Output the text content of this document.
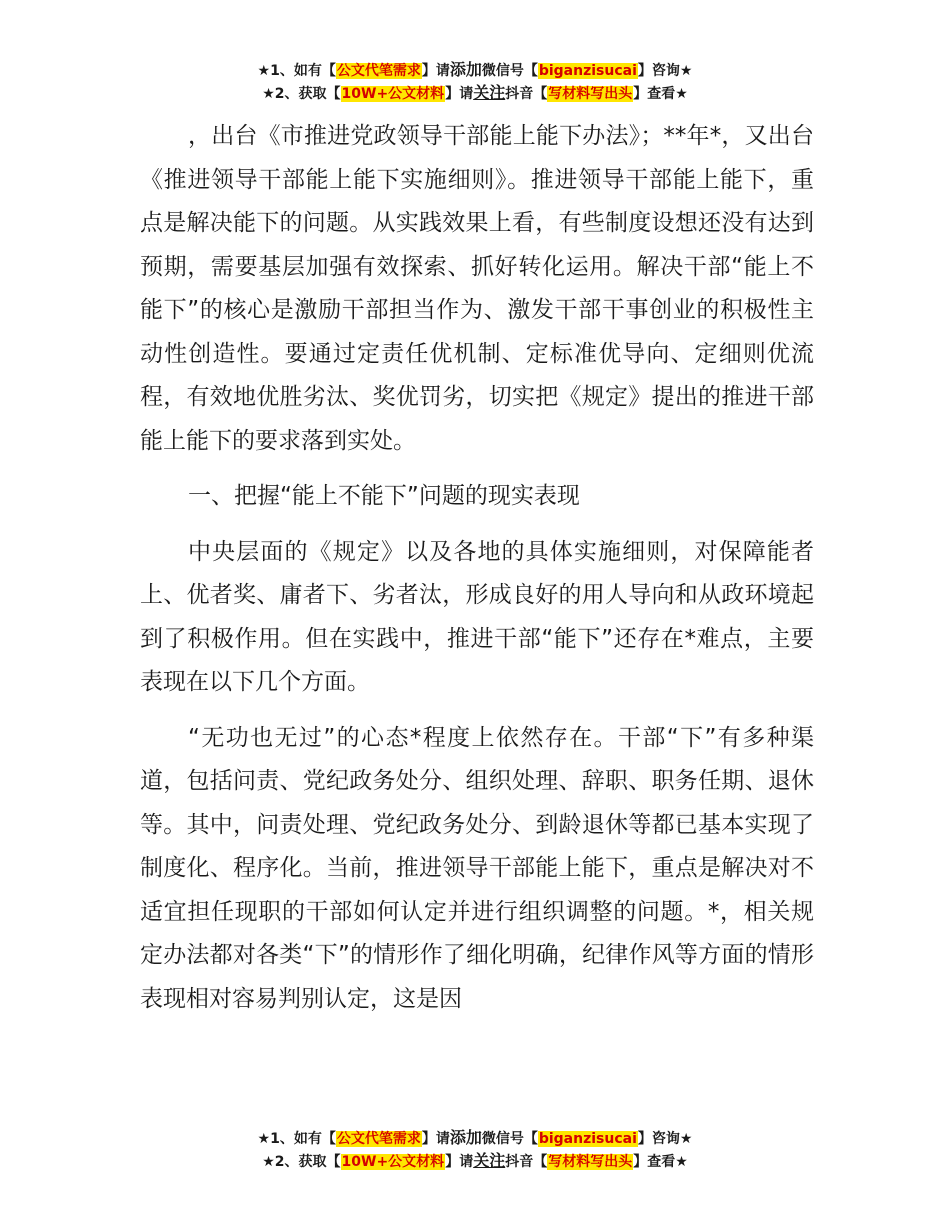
★1、如有【公文代笔需求】请添加微信号【biganzisucai】咨询★
★2、获取【10W+公文材料】请关注抖音【写材料写出头】查看★

，出台《市推进党政领导干部能上能下办法》；**年*，又出台《推进领导干部能上能下实施细则》。推进领导干部能上能下，重点是解决能下的问题。从实践效果上看，有些制度设想还没有达到预期，需要基层加强有效探索、抓好转化运用。解决干部“能上不能下”的核心是激励干部担当作为、激发干部干事创业的积极性主动性创造性。要通过定责任优机制、定标准优导向、定细则优流程，有效地优胜劣汰、奖优罚劣，切实把《规定》提出的推进干部能上能下的要求落到实处。

一、把握“能上不能下”问题的现实表现

中央层面的《规定》以及各地的具体实施细则，对保障能者上、优者奖、庸者下、劣者汰，形成良好的用人导向和从政环境起到了积极作用。但在实践中，推进干部“能下”还存在*难点，主要表现在以下几个方面。

“无功也无过”的心态*程度上依然存在。干部“下”有多种渠道，包括问责、党纪政务处分、组织处理、辞职、职务任期、退休等。其中，问责处理、党纪政务处分、到龄退休等都已基本实现了制度化、程序化。当前，推进领导干部能上能下，重点是解决对不适宜担任现职的干部如何认定并进行组织调整的问题。*，相关规定办法都对各类“下”的情形作了细化明确，纪律作风等方面的情形表现相对容易判别认定，这是因

★1、如有【公文代笔需求】请添加微信号【biganzisucai】咨询★
★2、获取【10W+公文材料】请关注抖音【写材料写出头】查看★
